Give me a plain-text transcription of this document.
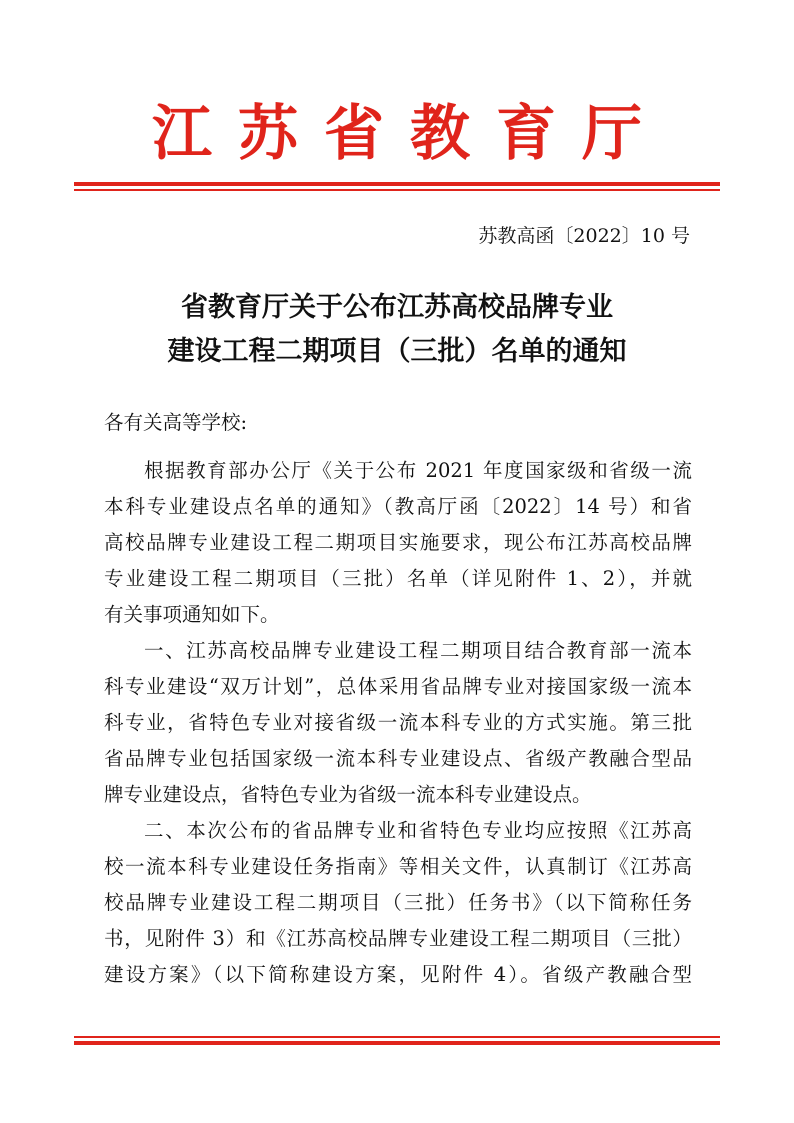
江苏省教育厅
苏教高函〔2022〕10 号
省教育厅关于公布江苏高校品牌专业
建设工程二期项目（三批）名单的通知
各有关高等学校:
根据教育部办公厅《关于公布 2021 年度国家级和省级一流
本科专业建设点名单的通知》（教高厅函〔2022〕14 号）和省
高校品牌专业建设工程二期项目实施要求，现公布江苏高校品牌
专业建设工程二期项目（三批）名单（详见附件 1、2），并就
有关事项通知如下。
一、江苏高校品牌专业建设工程二期项目结合教育部一流本
科专业建设“双万计划”，总体采用省品牌专业对接国家级一流本
科专业，省特色专业对接省级一流本科专业的方式实施。第三批
省品牌专业包括国家级一流本科专业建设点、省级产教融合型品
牌专业建设点，省特色专业为省级一流本科专业建设点。
二、本次公布的省品牌专业和省特色专业均应按照《江苏高
校一流本科专业建设任务指南》等相关文件，认真制订《江苏高
校品牌专业建设工程二期项目（三批）任务书》（以下简称任务
书，见附件 3）和《江苏高校品牌专业建设工程二期项目（三批）
建设方案》（以下简称建设方案，见附件 4）。省级产教融合型
